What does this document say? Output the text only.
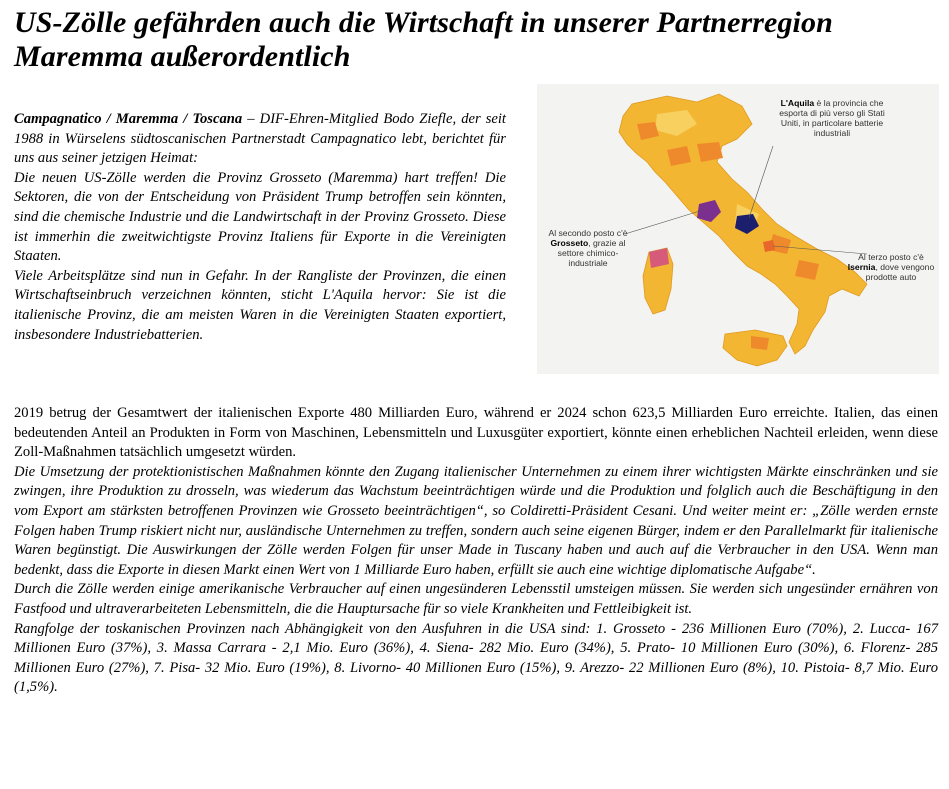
US-Zölle gefährden auch die Wirtschaft in unserer Partnerregion Maremma außerordentlich

Campagnatico / Maremma / Toscana – DIF-Ehren-Mitglied Bodo Ziefle, der seit 1988 in Würselens südtoscanischen Partnerstadt Campagnatico lebt, berichtet für uns aus seiner jetzigen Heimat:

Die neuen US-Zölle werden die Provinz Grosseto (Maremma) hart treffen! Die Sektoren, die von der Entscheidung von Präsident Trump betroffen sein könnten, sind die chemische Industrie und die Landwirtschaft in der Provinz Grosseto. Diese ist immerhin die zweitwichtigste Provinz Italiens für Exporte in die Vereinigten Staaten.

Viele Arbeitsplätze sind nun in Gefahr. In der Rangliste der Provinzen, die einen Wirtschaftseinbruch verzeichnen könnten, sticht L'Aquila hervor: Sie ist die italienische Provinz, die am meisten Waren in die Vereinigten Staaten exportiert, insbesondere Industriebatterien.

L'Aquila è la provincia che esporta di più verso gli Stati Uniti, in particolare batterie industriali
Al secondo posto c'è Grosseto, grazie al settore chimico-industriale
Al terzo posto c'è Isernia, dove vengono prodotte auto

2019 betrug der Gesamtwert der italienischen Exporte 480 Milliarden Euro, während er 2024 schon 623,5 Milliarden Euro erreichte. Italien, das einen bedeutenden Anteil an Produkten in Form von Maschinen, Lebensmitteln und Luxusgüter exportiert, könnte einen erheblichen Nachteil erleiden, wenn diese Zoll-Maßnahmen tatsächlich umgesetzt würden.

Die Umsetzung der protektionistischen Maßnahmen könnte den Zugang italienischer Unternehmen zu einem ihrer wichtigsten Märkte einschränken und sie zwingen, ihre Produktion zu drosseln, was wiederum das Wachstum beeinträchtigen würde und die Produktion und folglich auch die Beschäftigung in den vom Export am stärksten betroffenen Provinzen wie Grosseto beeinträchtigen“, so Coldiretti-Präsident Cesani. Und weiter meint er: „Zölle werden ernste Folgen haben Trump riskiert nicht nur, ausländische Unternehmen zu treffen, sondern auch seine eigenen Bürger, indem er den Parallelmarkt für italienische Waren begünstigt. Die Auswirkungen der Zölle werden Folgen für unser Made in Tuscany haben und auch auf die Verbraucher in den USA. Wenn man bedenkt, dass die Exporte in diesen Markt einen Wert von 1 Milliarde Euro haben, erfüllt sie auch eine wichtige diplomatische Aufgabe“.

Durch die Zölle werden einige amerikanische Verbraucher auf einen ungesünderen Lebensstil umsteigen müssen. Sie werden sich ungesünder ernähren von Fastfood und ultraverarbeiteten Lebensmitteln, die die Hauptursache für so viele Krankheiten und Fettleibigkeit ist.

Rangfolge der toskanischen Provinzen nach Abhängigkeit von den Ausfuhren in die USA sind: 1. Grosseto - 236 Millionen Euro (70%), 2. Lucca- 167 Millionen Euro (37%), 3. Massa Carrara - 2,1 Mio. Euro (36%), 4. Siena- 282 Mio. Euro (34%), 5. Prato- 10 Millionen Euro (30%), 6. Florenz- 285 Millionen Euro (27%), 7. Pisa- 32 Mio. Euro (19%), 8. Livorno- 40 Millionen Euro (15%), 9. Arezzo- 22 Millionen Euro (8%), 10. Pistoia- 8,7 Mio. Euro (1,5%).
